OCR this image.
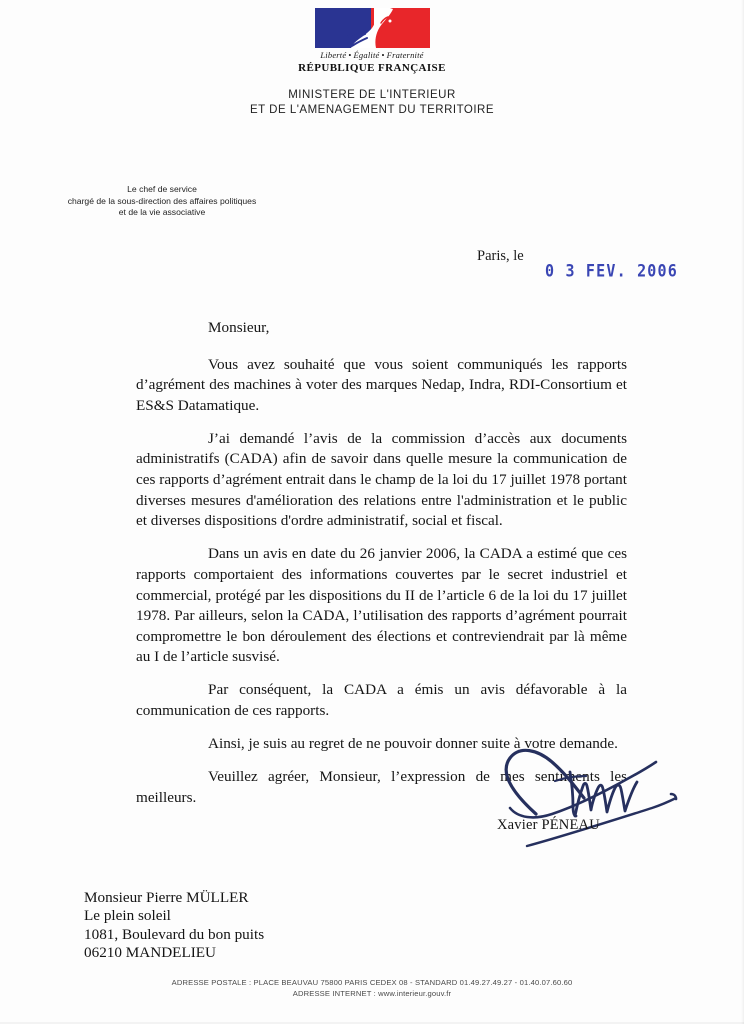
Liberté • Égalité • Fraternité
RÉPUBLIQUE FRANÇAISE
MINISTERE DE L'INTERIEUR
ET DE L'AMENAGEMENT DU TERRITOIRE
Le chef de service
chargé de la sous-direction des affaires politiques
et de la vie associative
Paris, le
0 3 FEV. 2006

Monsieur,

Vous avez souhaité que vous soient communiqués les rapports d’agrément des machines à voter des marques Nedap, Indra, RDI-Consortium et ES&S Datamatique.

J’ai demandé l’avis de la commission d’accès aux documents administratifs (CADA) afin de savoir dans quelle mesure la communication de ces rapports d’agrément entrait dans le champ de la loi du 17 juillet 1978 portant diverses mesures d'amélioration des relations entre l'administration et le public et diverses dispositions d'ordre administratif, social et fiscal.

Dans un avis en date du 26 janvier 2006, la CADA a estimé que ces rapports comportaient des informations couvertes par le secret industriel et commercial, protégé par les dispositions du II de l’article 6 de la loi du 17 juillet 1978. Par ailleurs, selon la CADA, l’utilisation des rapports d’agrément pourrait compromettre le bon déroulement des élections et contreviendrait par là même au I de l’article susvisé.

Par conséquent, la CADA a émis un avis défavorable à la communication de ces rapports.

Ainsi, je suis au regret de ne pouvoir donner suite à votre demande.

Veuillez agréer, Monsieur, l’expression de mes sentiments les meilleurs.

Xavier PÉNEAU
Monsieur Pierre MÜLLER
Le plein soleil
1081, Boulevard du bon puits
06210 MANDELIEU
ADRESSE POSTALE : PLACE BEAUVAU 75800 PARIS CEDEX 08 - STANDARD 01.49.27.49.27 - 01.40.07.60.60
ADRESSE INTERNET : www.interieur.gouv.fr
